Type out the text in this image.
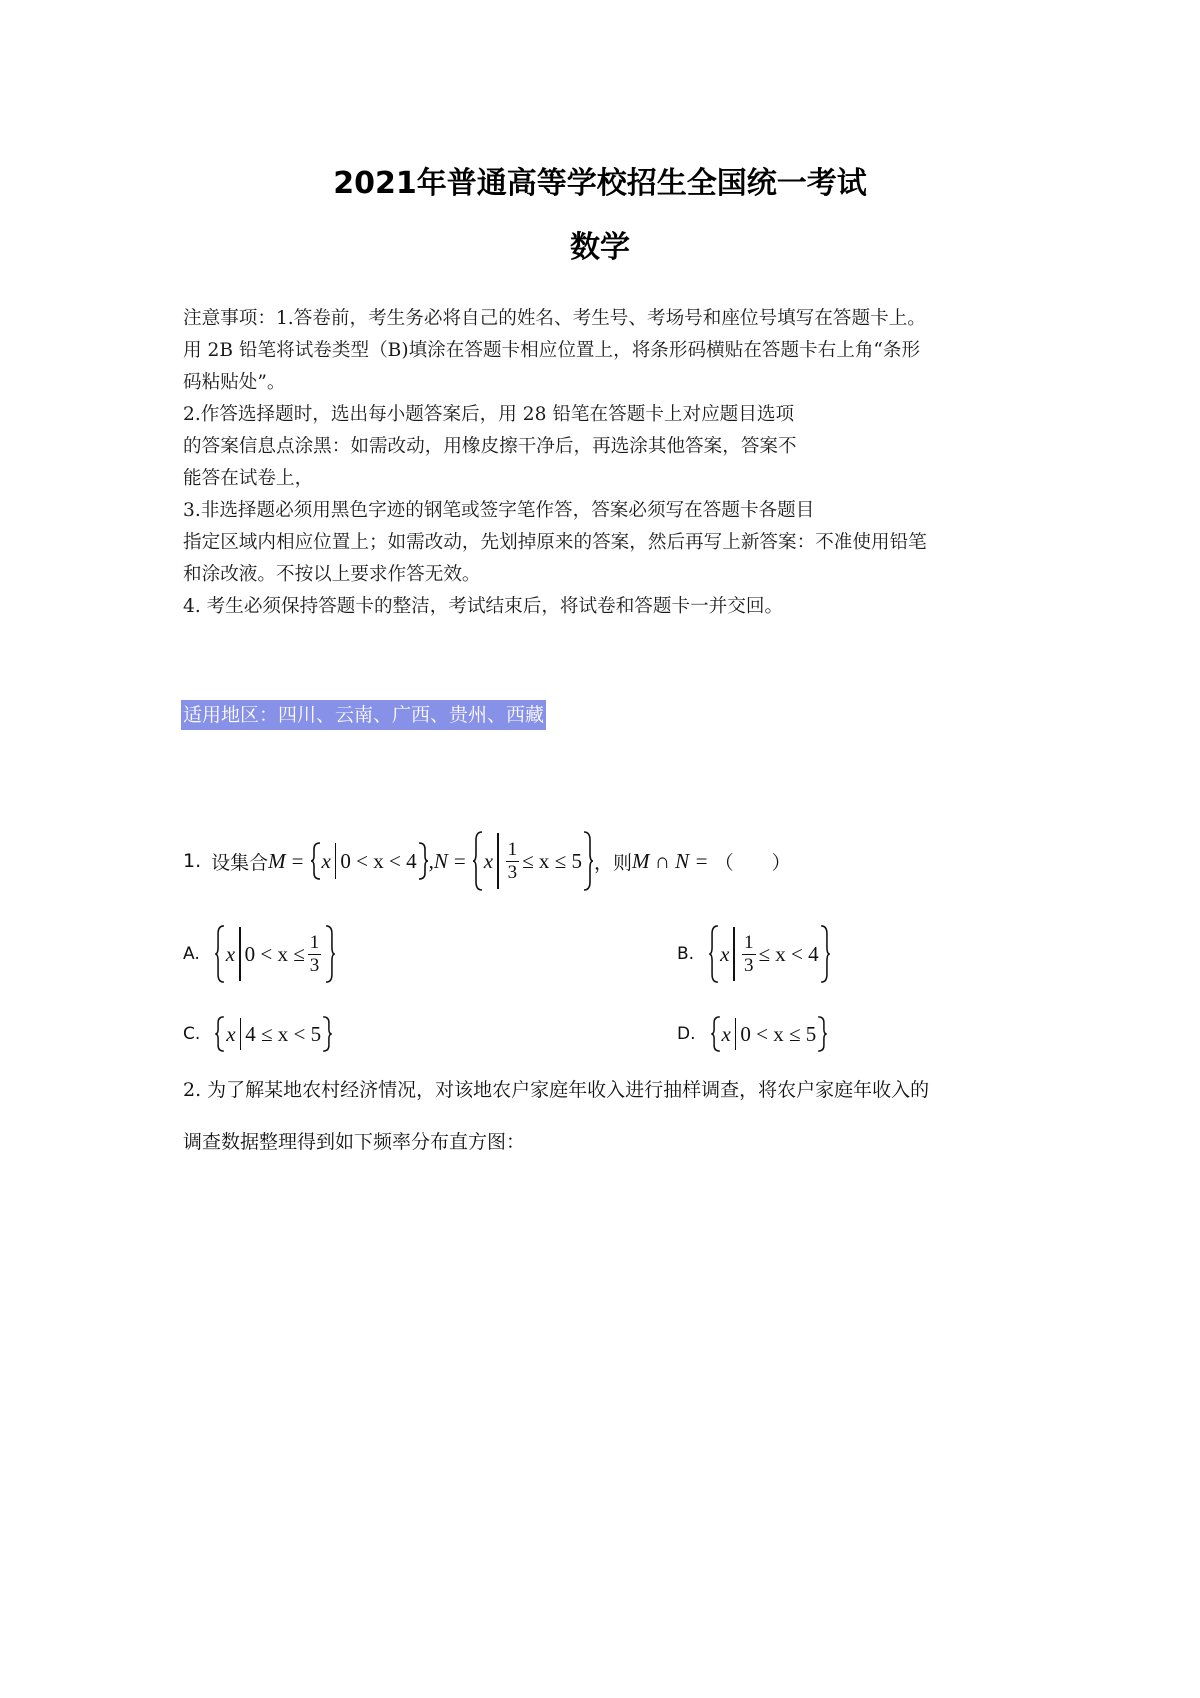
2021年普通高等学校招生全国统一考试
数学
注意事项：1.答卷前，考生务必将自己的姓名、考生号、考场号和座位号填写在答题卡上。
用 2B 铅笔将试卷类型（B)填涂在答题卡相应位置上，将条形码横贴在答题卡右上角“条形
码粘贴处”。
2.作答选择题时，选出每小题答案后，用 28 铅笔在答题卡上对应题目选项
的答案信息点涂黑：如需改动，用橡皮擦干净后，再选涂其他答案，答案不
能答在试卷上，
3.非选择题必须用黑色字迹的钢笔或签字笔作答，答案必须写在答题卡各题目
指定区域内相应位置上；如需改动，先划掉原来的答案，然后再写上新答案：不准使用铅笔
和涂改液。不按以上要求作答无效。
4. 考生必须保持答题卡的整洁，考试结束后，将试卷和答题卡一并交回。
适用地区：四川、云南、广西、贵州、西藏
1. 设集合 M = x 0 < x < 4 , N = x $\frac{1}{3} \le x \le 5$ ，则 M ∩ N = （　　）
A. x $0 < x \le \frac{1}{3}$	B. x $\frac{1}{3} \le x < 4$
C. x 4 ≤ x < 5	D. x 0 < x ≤ 5
2. 为了解某地农村经济情况，对该地农户家庭年收入进行抽样调查，将农户家庭年收入的
调查数据整理得到如下频率分布直方图：
